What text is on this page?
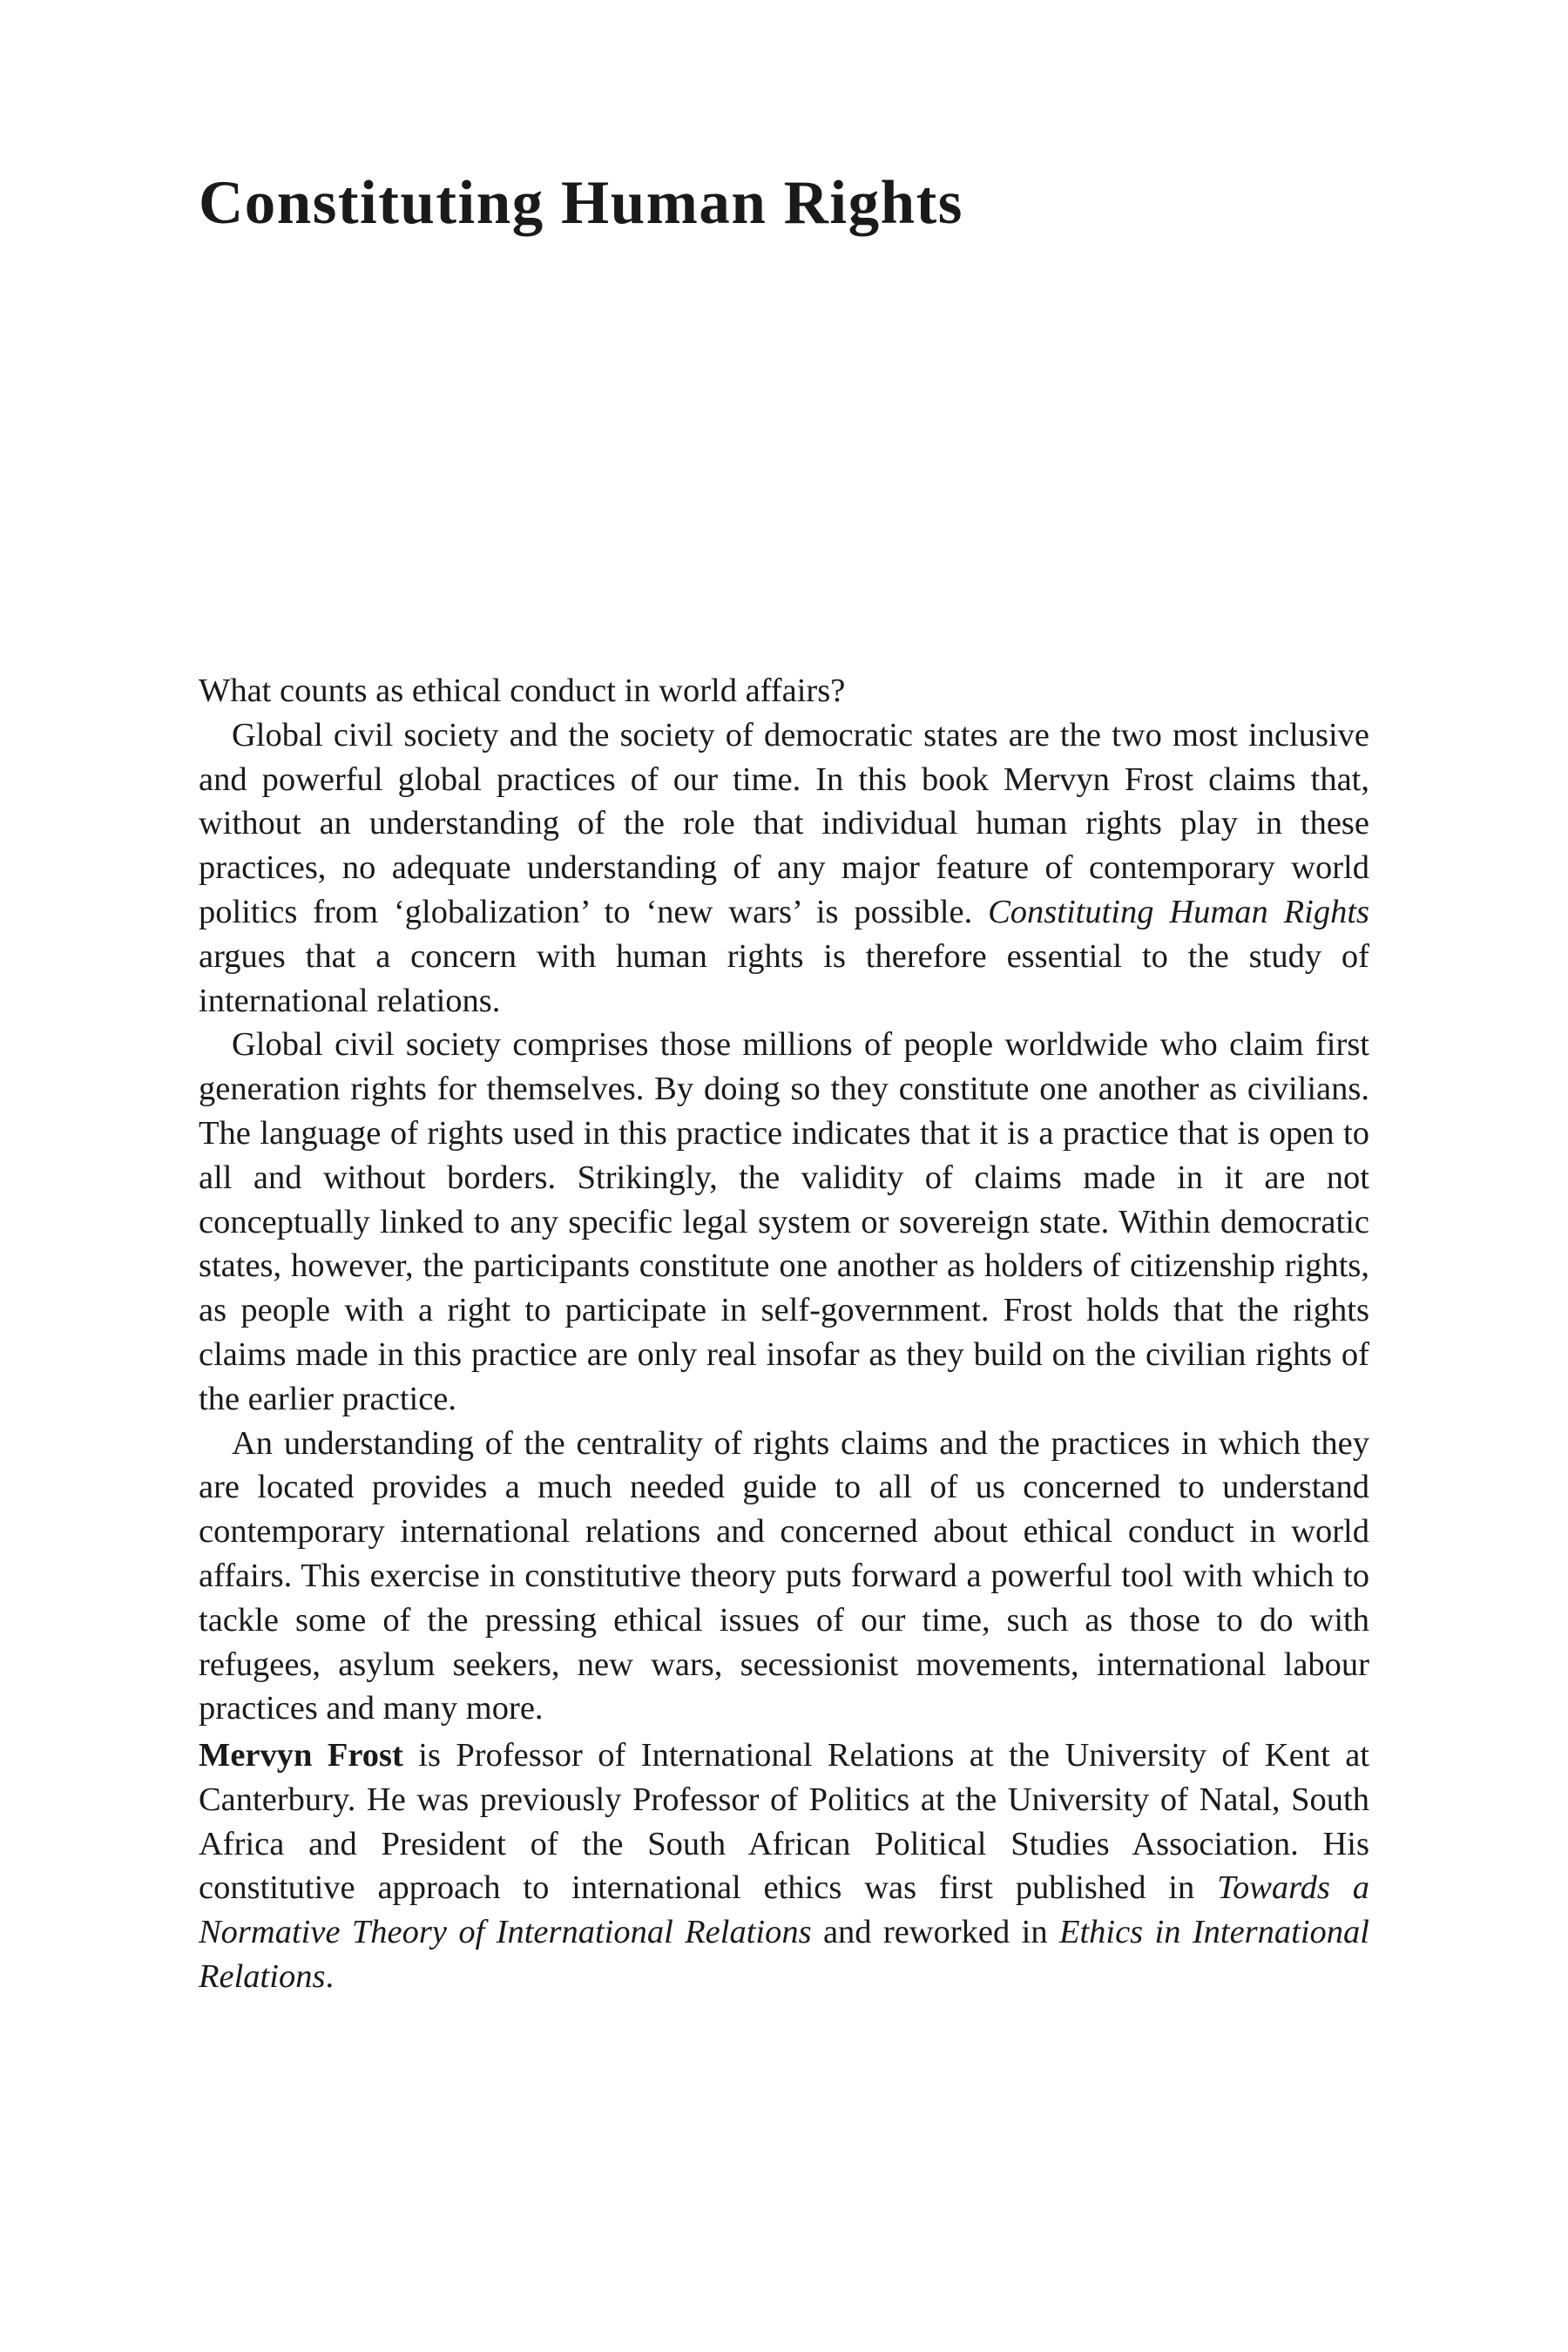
Constituting Human Rights

What counts as ethical conduct in world affairs?

Global civil society and the society of democratic states are the two most inclusive and powerful global practices of our time. In this book Mervyn Frost claims that, without an understanding of the role that individual human rights play in these practices, no adequate understanding of any major feature of contemporary world politics from ‘globalization’ to ‘new wars’ is possible. Constituting Human Rights argues that a concern with human rights is therefore essential to the study of international relations.

Global civil society comprises those millions of people worldwide who claim first generation rights for themselves. By doing so they constitute one another as civilians. The language of rights used in this practice indicates that it is a practice that is open to all and without borders. Strikingly, the validity of claims made in it are not conceptually linked to any specific legal system or sovereign state. Within democratic states, however, the participants constitute one another as holders of citizenship rights, as people with a right to participate in self-government. Frost holds that the rights claims made in this practice are only real insofar as they build on the civilian rights of the earlier practice.

An understanding of the centrality of rights claims and the practices in which they are located provides a much needed guide to all of us concerned to understand contemporary international relations and concerned about ethical conduct in world affairs. This exercise in constitutive theory puts forward a powerful tool with which to tackle some of the pressing ethical issues of our time, such as those to do with refugees, asylum seekers, new wars, secessionist movements, international labour practices and many more.

Mervyn Frost is Professor of International Relations at the University of Kent at Canterbury. He was previously Professor of Politics at the University of Natal, South Africa and President of the South African Political Studies Association. His constitutive approach to international ethics was first published in Towards a Normative Theory of International Relations and reworked in Ethics in International Relations.
